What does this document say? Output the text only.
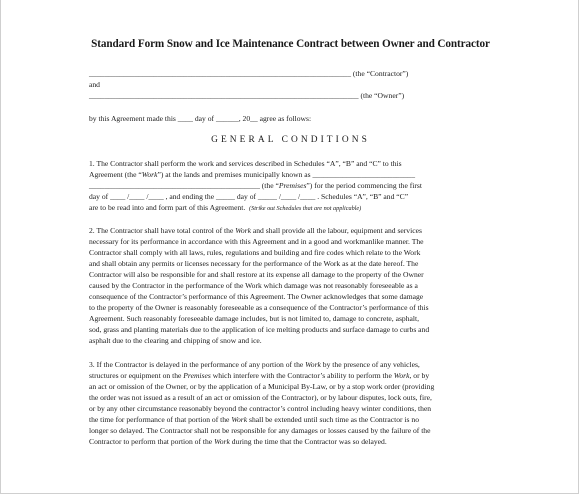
Standard Form Snow and Ice Maintenance Contract between Owner and Contractor
_____________________________________________________________________ (the “Contractor”)
and
_______________________________________________________________________ (the “Owner”)
by this Agreement made this ____ day of ______, 20__ agree as follows:
GENERAL CONDITIONS
1. The Contractor shall perform the work and services described in Schedules “A”, “B” and “C” to this
Agreement (the “Work”) at the lands and premises municipally known as ___________________________
_____________________________________________ (the “Premises”) for the period commencing the first
day of ____ /____ /____ , and ending the _____ day of _____ /____ /____ . Schedules “A”, “B” and “C”
are to be read into and form part of this Agreement. (Strike out Schedules that are not applicable)
2. The Contractor shall have total control of the Work and shall provide all the labour, equipment and services
necessary for its performance in accordance with this Agreement and in a good and workmanlike manner. The
Contractor shall comply with all laws, rules, regulations and building and fire codes which relate to the Work
and shall obtain any permits or licenses necessary for the performance of the Work as at the date hereof. The
Contractor will also be responsible for and shall restore at its expense all damage to the property of the Owner
caused by the Contractor in the performance of the Work which damage was not reasonably foreseeable as a
consequence of the Contractor’s performance of this Agreement. The Owner acknowledges that some damage
to the property of the Owner is reasonably foreseeable as a consequence of the Contractor’s performance of this
Agreement. Such reasonably foreseeable damage includes, but is not limited to, damage to concrete, asphalt,
sod, grass and planting materials due to the application of ice melting products and surface damage to curbs and
asphalt due to the clearing and chipping of snow and ice.
3. If the Contractor is delayed in the performance of any portion of the Work by the presence of any vehicles,
structures or equipment on the Premises which interfere with the Contractor’s ability to perform the Work, or by
an act or omission of the Owner, or by the application of a Municipal By-Law, or by a stop work order (providing
the order was not issued as a result of an act or omission of the Contractor), or by labour disputes, lock outs, fire,
or by any other circumstance reasonably beyond the contractor’s control including heavy winter conditions, then
the time for performance of that portion of the Work shall be extended until such time as the Contractor is no
longer so delayed. The Contractor shall not be responsible for any damages or losses caused by the failure of the
Contractor to perform that portion of the Work during the time that the Contractor was so delayed.
